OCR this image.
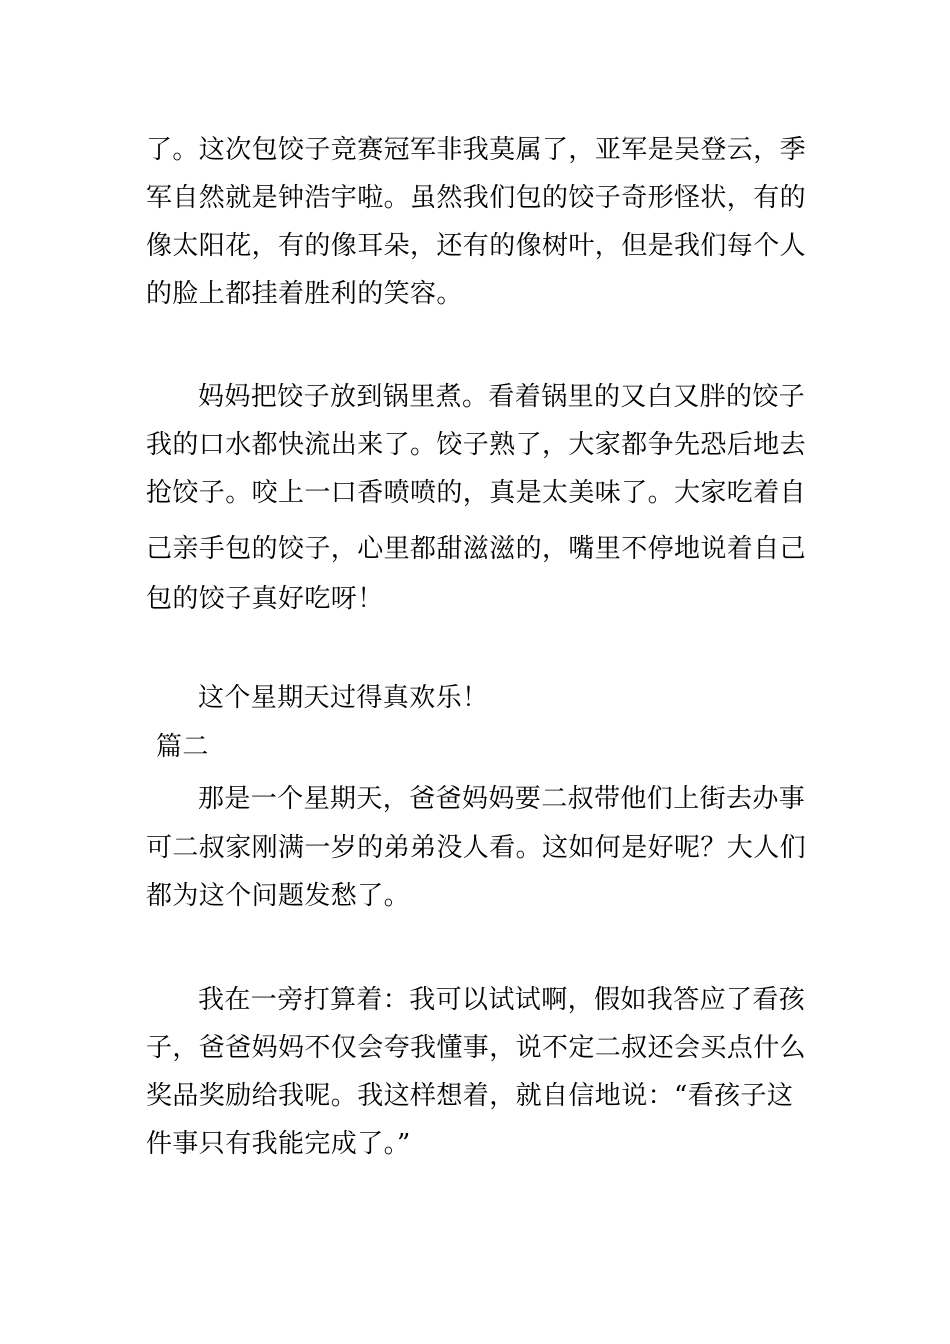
了。这次包饺子竞赛冠军非我莫属了，亚军是吴登云，季
军自然就是钟浩宇啦。虽然我们包的饺子奇形怪状，有的
像太阳花，有的像耳朵，还有的像树叶，但是我们每个人
的脸上都挂着胜利的笑容。
妈妈把饺子放到锅里煮。看着锅里的又白又胖的饺子
我的口水都快流出来了。饺子熟了，大家都争先恐后地去
抢饺子。咬上一口香喷喷的，真是太美味了。大家吃着自
己亲手包的饺子，心里都甜滋滋的，嘴里不停地说着自己
包的饺子真好吃呀！
这个星期天过得真欢乐！
篇二
那是一个星期天，爸爸妈妈要二叔带他们上街去办事
可二叔家刚满一岁的弟弟没人看。这如何是好呢？大人们
都为这个问题发愁了。
我在一旁打算着：我可以试试啊，假如我答应了看孩
子，爸爸妈妈不仅会夸我懂事，说不定二叔还会买点什么
奖品奖励给我呢。我这样想着，就自信地说：“看孩子这
件事只有我能完成了。”
